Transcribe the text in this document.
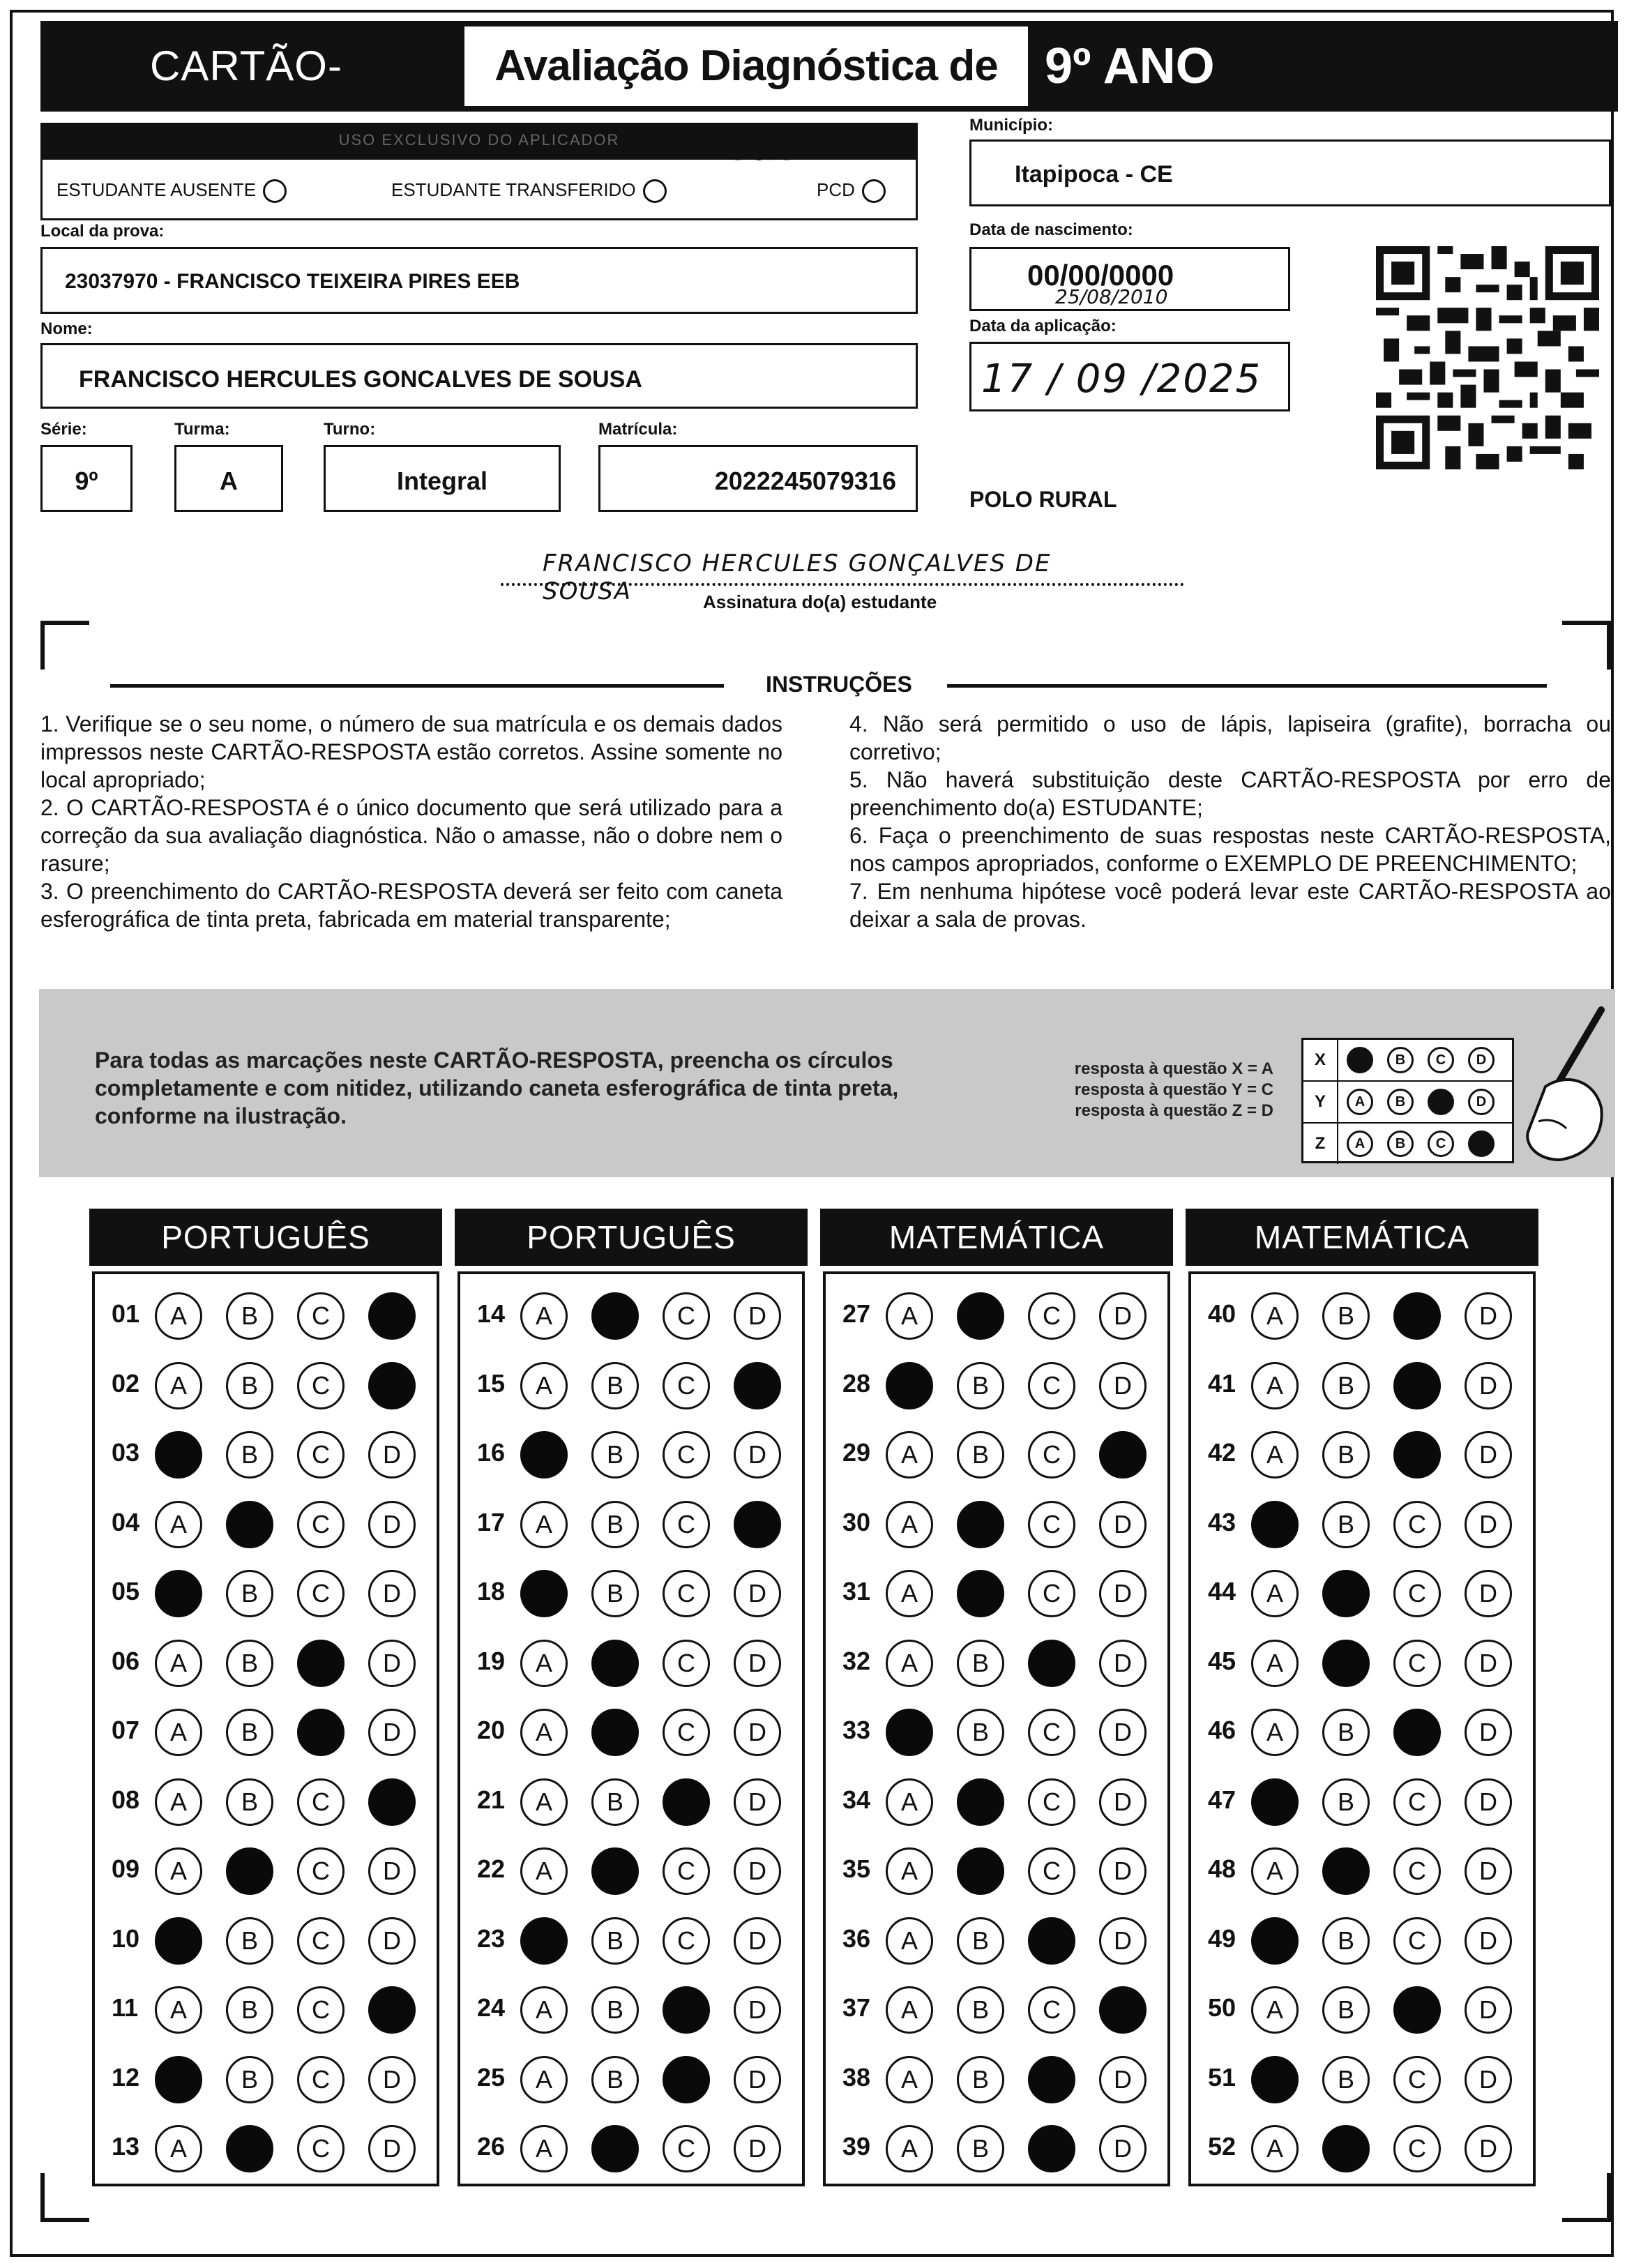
CARTÃO-	Avaliação Diagnóstica de 9º ANO
USO EXCLUSIVO DO APLICADOR
ESTUDANTE AUSENTE	ESTUDANTE TRANSFERIDO	PCD
Município:
Itapipoca - CE
Local da prova:
23037970 - FRANCISCO TEIXEIRA PIRES EEB
Data de nascimento:
00/00/0000
25/08/2010
Nome:
FRANCISCO HERCULES GONCALVES DE SOUSA
Data da aplicação:
17 / 09 /2025
Série:
9º
Turma:
A
Turno:
Integral
Matrícula:
2022245079316
POLO RURAL
FRANCISCO HERCULES GONÇALVES DE SOUSA	Assinatura do(a) estudante
INSTRUÇÕES

1. Verifique se o seu nome, o número de sua matrícula e os demais dados impressos neste CARTÃO-RESPOSTA estão corretos. Assine somente no local apropriado;

2. O CARTÃO-RESPOSTA é o único documento que será utilizado para a correção da sua avaliação diagnóstica. Não o amasse, não o dobre nem o rasure;

3. O preenchimento do CARTÃO-RESPOSTA deverá ser feito com caneta esferográfica de tinta preta, fabricada em material transparente;

4. Não será permitido o uso de lápis, lapiseira (grafite), borracha ou corretivo;

5. Não haverá substituição deste CARTÃO-RESPOSTA por erro de preenchimento do(a) ESTUDANTE;

6. Faça o preenchimento de suas respostas neste CARTÃO-RESPOSTA, nos campos apropriados, conforme o EXEMPLO DE PREENCHIMENTO;

7. Em nenhuma hipótese você poderá levar este CARTÃO-RESPOSTA ao deixar a sala de provas.

Para todas as marcações neste CARTÃO-RESPOSTA, preencha os círculos completamente e com nitidez, utilizando caneta esferográfica de tinta preta, conforme na ilustração.
resposta à questão X = A
resposta à questão Y = C
resposta à questão Z = D
X	B	C	D
Y	A	B	D
Z	A	B	C
PORTUGUÊS
01	A	B	C	D
02	A	B	C	D
03	A	B	C	D
04	A	B	C	D
05	A	B	C	D
06	A	B	C	D
07	A	B	C	D
08	A	B	C	D
09	A	B	C	D
10	A	B	C	D
11	A	B	C	D
12	A	B	C	D
13	A	B	C	D
PORTUGUÊS
14	A	B	C	D
15	A	B	C	D
16	A	B	C	D
17	A	B	C	D
18	A	B	C	D
19	A	B	C	D
20	A	B	C	D
21	A	B	C	D
22	A	B	C	D
23	A	B	C	D
24	A	B	C	D
25	A	B	C	D
26	A	B	C	D
MATEMÁTICA
27	A	B	C	D
28	A	B	C	D
29	A	B	C	D
30	A	B	C	D
31	A	B	C	D
32	A	B	C	D
33	A	B	C	D
34	A	B	C	D
35	A	B	C	D
36	A	B	C	D
37	A	B	C	D
38	A	B	C	D
39	A	B	C	D
MATEMÁTICA
40	A	B	C	D
41	A	B	C	D
42	A	B	C	D
43	A	B	C	D
44	A	B	C	D
45	A	B	C	D
46	A	B	C	D
47	A	B	C	D
48	A	B	C	D
49	A	B	C	D
50	A	B	C	D
51	A	B	C	D
52	A	B	C	D
